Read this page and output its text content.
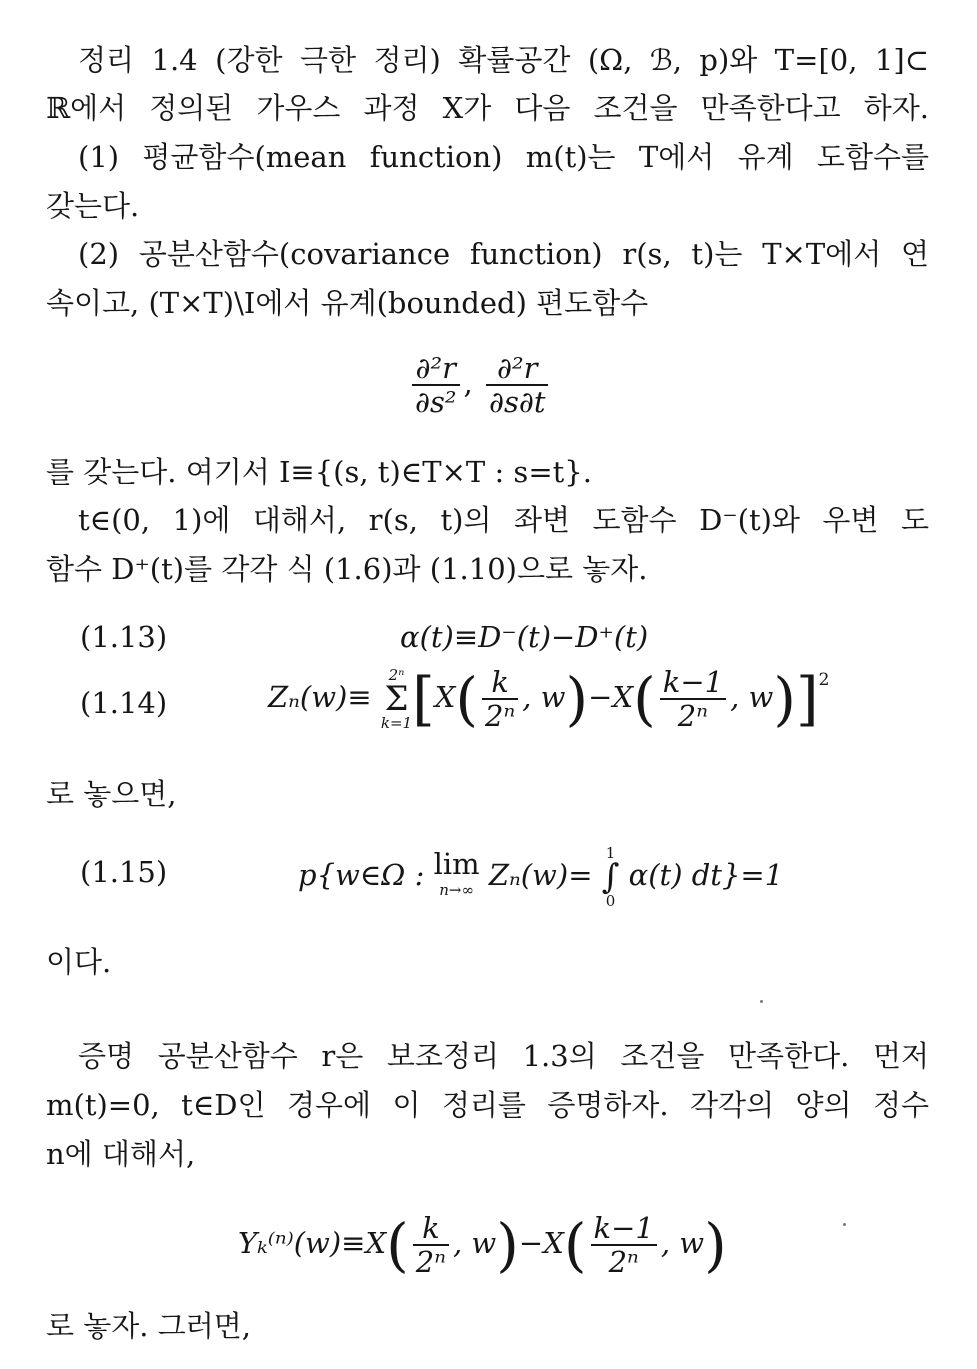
정리 1.4 (강한 극한 정리) 확률공간 (Ω, ℬ, p)와 T=[0, 1]⊂
ℝ에서 정의된 가우스 과정 X가 다음 조건을 만족한다고 하자.
(1) 평균함수(mean function) m(t)는 T에서 유계 도함수를
갖는다.
(2) 공분산함수(covariance function) r(s, t)는 T×T에서 연
속이고, (T×T)\I에서 유계(bounded) 편도함수
$\frac{\text{∂²r}}{\text{∂s²}}$ , $\frac{\text{∂²r}}{\partial s\partial t}$
를 갖는다. 여기서 I≡{(s, t)∈T×T : s=t}.
t∈(0, 1)에 대해서, r(s, t)의 좌변 도함수 D⁻(t)와 우변 도
함수 D⁺(t)를 각각 식 (1.6)과 (1.10)으로 놓자.
(1.13)	α(t)≡D⁻(t)−D⁺(t)
(1.14)	Zₙ(w)≡
2ⁿ
Σ
k=1 [$X( \frac{k}{\text{2ⁿ}}$ , $w)-X( \frac{k-1}{\text{2ⁿ}}$ , w)]$^2$
로 놓으면,
(1.15)	p{w∈Ω : lim
n→∞ Zₙ(w)=
1
∫
0
α(t) dt}=1
이다.
증명 공분산함수 r은 보조정리 1.3의 조건을 만족한다. 먼저
m(t)=0, t∈D인 경우에 이 정리를 증명하자. 각각의 양의 정수
n에 대해서,
$Y_k^{(n)}(w)\equiv X( \frac{k}{\text{2ⁿ}}$ , $w)-X( \frac{k-1}{\text{2ⁿ}}$ , w)
로 놓자. 그러면,
